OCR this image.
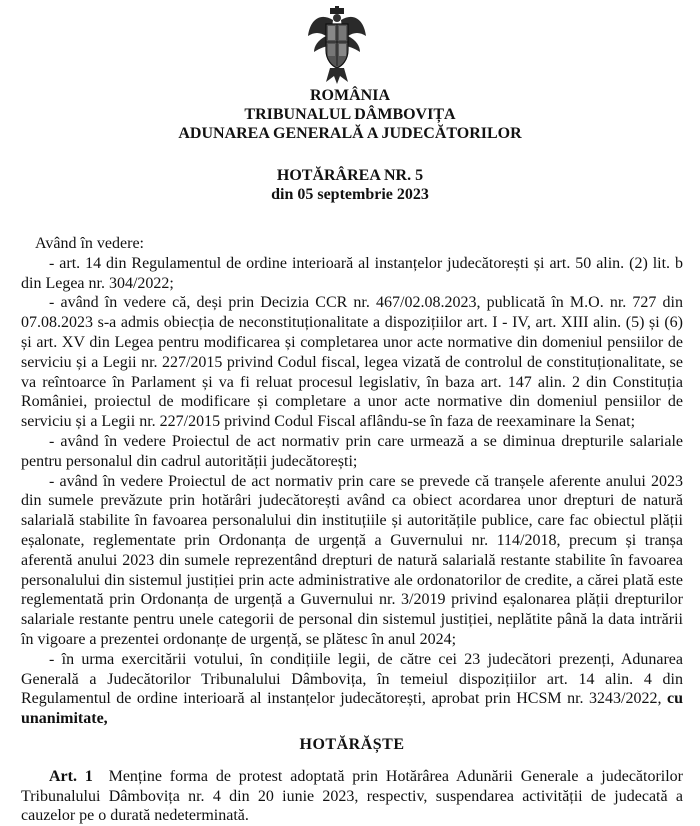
ROMÂNIA
TRIBUNALUL DÂMBOVIȚA
ADUNAREA GENERALĂ A JUDECĂTORILOR
HOTĂRÂREA NR. 5
din 05 septembrie 2023

Având în vedere:

- art. 14 din Regulamentul de ordine interioară al instanțelor judecătorești și art. 50 alin. (2) lit. b din Legea nr. 304/2022;

- având în vedere că, deși prin Decizia CCR nr. 467/02.08.2023, publicată în M.O. nr. 727 din 07.08.2023 s-a admis obiecția de neconstituționalitate a dispozițiilor art. I - IV, art. XIII alin. (5) și (6) și art. XV din Legea pentru modificarea și completarea unor acte normative din domeniul pensiilor de serviciu și a Legii nr. 227/2015 privind Codul fiscal, legea vizată de controlul de constituționalitate, se va reîntoarce în Parlament și va fi reluat procesul legislativ, în baza art. 147 alin. 2 din Constituția României, proiectul de modificare și completare a unor acte normative din domeniul pensiilor de serviciu și a Legii nr. 227/2015 privind Codul Fiscal aflându-se în faza de reexaminare la Senat;

- având în vedere Proiectul de act normativ prin care urmează a se diminua drepturile salariale pentru personalul din cadrul autorității judecătorești;

- având în vedere Proiectul de act normativ prin care se prevede că tranșele aferente anului 2023 din sumele prevăzute prin hotărâri judecătorești având ca obiect acordarea unor drepturi de natură salarială stabilite în favoarea personalului din instituțiile și autoritățile publice, care fac obiectul plății eșalonate, reglementate prin Ordonanța de urgență a Guvernului nr. 114/2018, precum și tranșa aferentă anului 2023 din sumele reprezentând drepturi de natură salarială restante stabilite în favoarea personalului din sistemul justiției prin acte administrative ale ordonatorilor de credite, a cărei plată este reglementată prin Ordonanța de urgență a Guvernului nr. 3/2019 privind eșalonarea plății drepturilor salariale restante pentru unele categorii de personal din sistemul justiției, neplătite până la data intrării în vigoare a prezentei ordonanțe de urgență, se plătesc în anul 2024;

- în urma exercitării votului, în condițiile legii, de către cei 23 judecători prezenți, Adunarea Generală a Judecătorilor Tribunalului Dâmbovița, în temeiul dispozițiilor art. 14 alin. 4 din Regulamentul de ordine interioară al instanțelor judecătorești, aprobat prin HCSM nr. 3243/2022, cu unanimitate,

HOTĂRĂȘTE

Art. 1 Menține forma de protest adoptată prin Hotărârea Adunării Generale a judecătorilor Tribunalului Dâmbovița nr. 4 din 20 iunie 2023, respectiv, suspendarea activității de judecată a cauzelor pe o durată nedeterminată.
